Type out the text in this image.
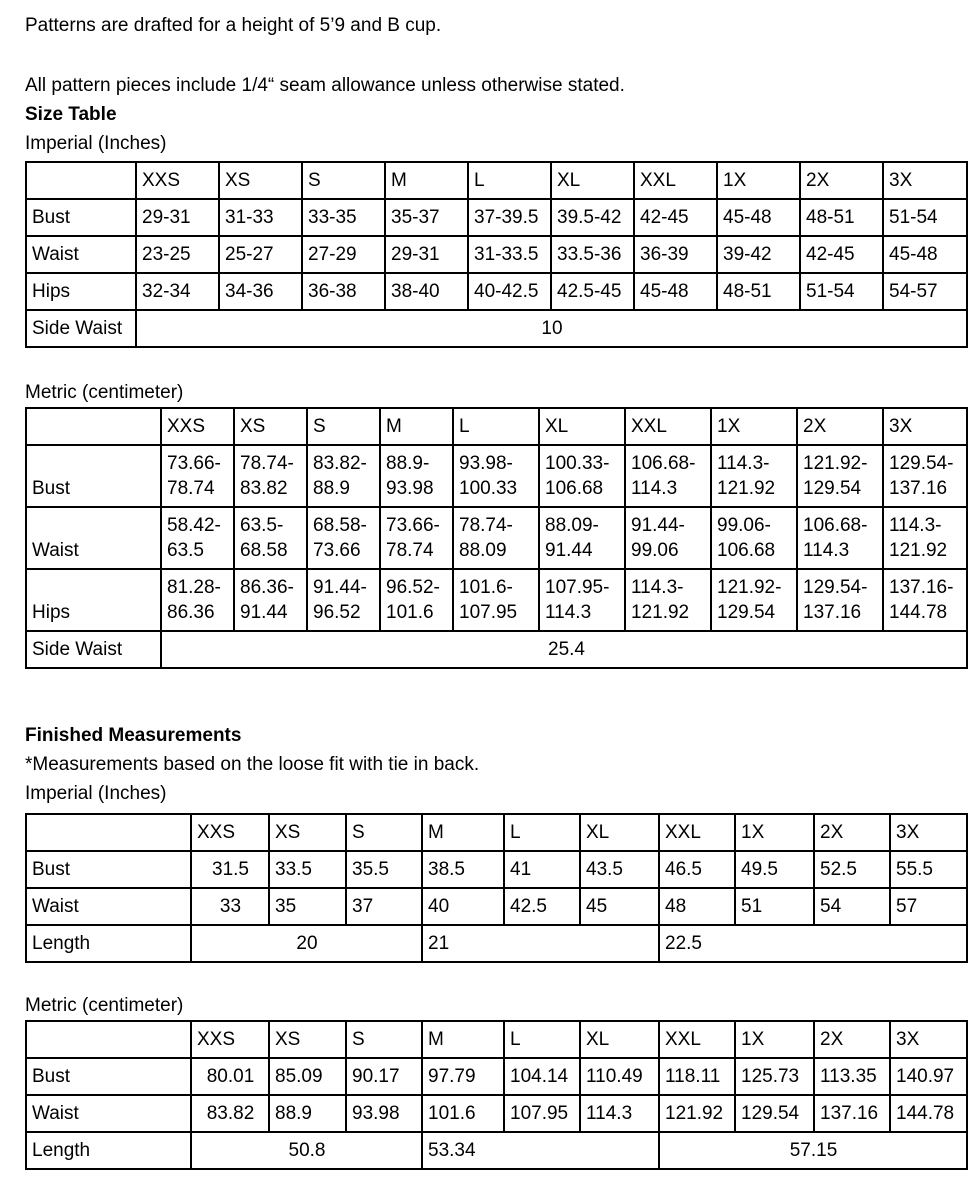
Patterns are drafted for a height of 5’9 and B cup.

All pattern pieces include 1/4“ seam allowance unless otherwise stated.

Size Table

Imperial (Inches)

	XXS	XS	S	M	L	XL	XXL	1X	2X	3X
Bust	29-31	31-33	33-35	35-37	37-39.5	39.5-42	42-45	45-48	48-51	51-54
Waist	23-25	25-27	27-29	29-31	31-33.5	33.5-36	36-39	39-42	42-45	45-48
Hips	32-34	34-36	36-38	38-40	40-42.5	42.5-45	45-48	48-51	51-54	54-57
Side Waist	10									

Metric (centimeter)

	XXS	XS	S	M	L	XL	XXL	1X	2X	3X
Bust	73.66-78.74	78.74-83.82	83.82-88.9	88.9-93.98	93.98-100.33	100.33-106.68	106.68-114.3	114.3-121.92	121.92-129.54	129.54-137.16
Waist	58.42-63.5	63.5-68.58	68.58-73.66	73.66-78.74	78.74-88.09	88.09-91.44	91.44-99.06	99.06-106.68	106.68-114.3	114.3-121.92
Hips	81.28-86.36	86.36-91.44	91.44-96.52	96.52-101.6	101.6-107.95	107.95-114.3	114.3-121.92	121.92-129.54	129.54-137.16	137.16-144.78
Side Waist	25.4									

Finished Measurements

*Measurements based on the loose fit with tie in back.

Imperial (Inches)

	XXS	XS	S	M	L	XL	XXL	1X	2X	3X
Bust	31.5	33.5	35.5	38.5	41	43.5	46.5	49.5	52.5	55.5
Waist	33	35	37	40	42.5	45	48	51	54	57
Length	20			21			22.5			

Metric (centimeter)

	XXS	XS	S	M	L	XL	XXL	1X	2X	3X
Bust	80.01	85.09	90.17	97.79	104.14	110.49	118.11	125.73	113.35	140.97
Waist	83.82	88.9	93.98	101.6	107.95	114.3	121.92	129.54	137.16	144.78
Length	50.8			53.34			57.15			
